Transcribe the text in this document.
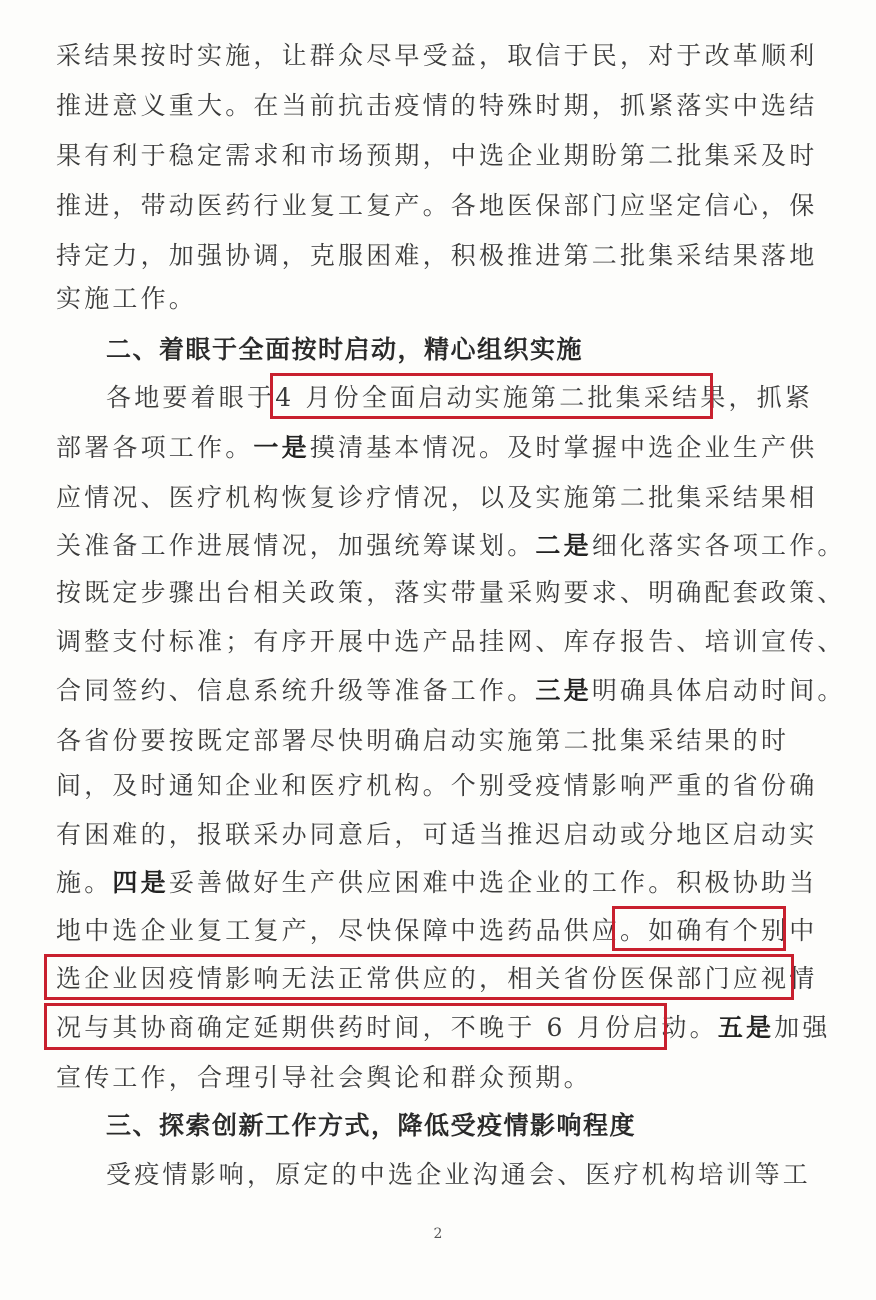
采结果按时实施，让群众尽早受益，取信于民，对于改革顺利
推进意义重大。在当前抗击疫情的特殊时期，抓紧落实中选结
果有利于稳定需求和市场预期，中选企业期盼第二批集采及时
推进，带动医药行业复工复产。各地医保部门应坚定信心，保
持定力，加强协调，克服困难，积极推进第二批集采结果落地
实施工作。
二、着眼于全面按时启动，精心组织实施
各地要着眼于4 月份全面启动实施第二批集采结果，抓紧
部署各项工作。一是摸清基本情况。及时掌握中选企业生产供
应情况、医疗机构恢复诊疗情况，以及实施第二批集采结果相
关准备工作进展情况，加强统筹谋划。二是细化落实各项工作。
按既定步骤出台相关政策，落实带量采购要求、明确配套政策、
调整支付标准；有序开展中选产品挂网、库存报告、培训宣传、
合同签约、信息系统升级等准备工作。三是明确具体启动时间。
各省份要按既定部署尽快明确启动实施第二批集采结果的时
间，及时通知企业和医疗机构。个别受疫情影响严重的省份确
有困难的，报联采办同意后，可适当推迟启动或分地区启动实
施。四是妥善做好生产供应困难中选企业的工作。积极协助当
地中选企业复工复产，尽快保障中选药品供应。如确有个别中
选企业因疫情影响无法正常供应的，相关省份医保部门应视情
况与其协商确定延期供药时间，不晚于 6 月份启动。五是加强
宣传工作，合理引导社会舆论和群众预期。
三、探索创新工作方式，降低受疫情影响程度
受疫情影响，原定的中选企业沟通会、医疗机构培训等工
2
